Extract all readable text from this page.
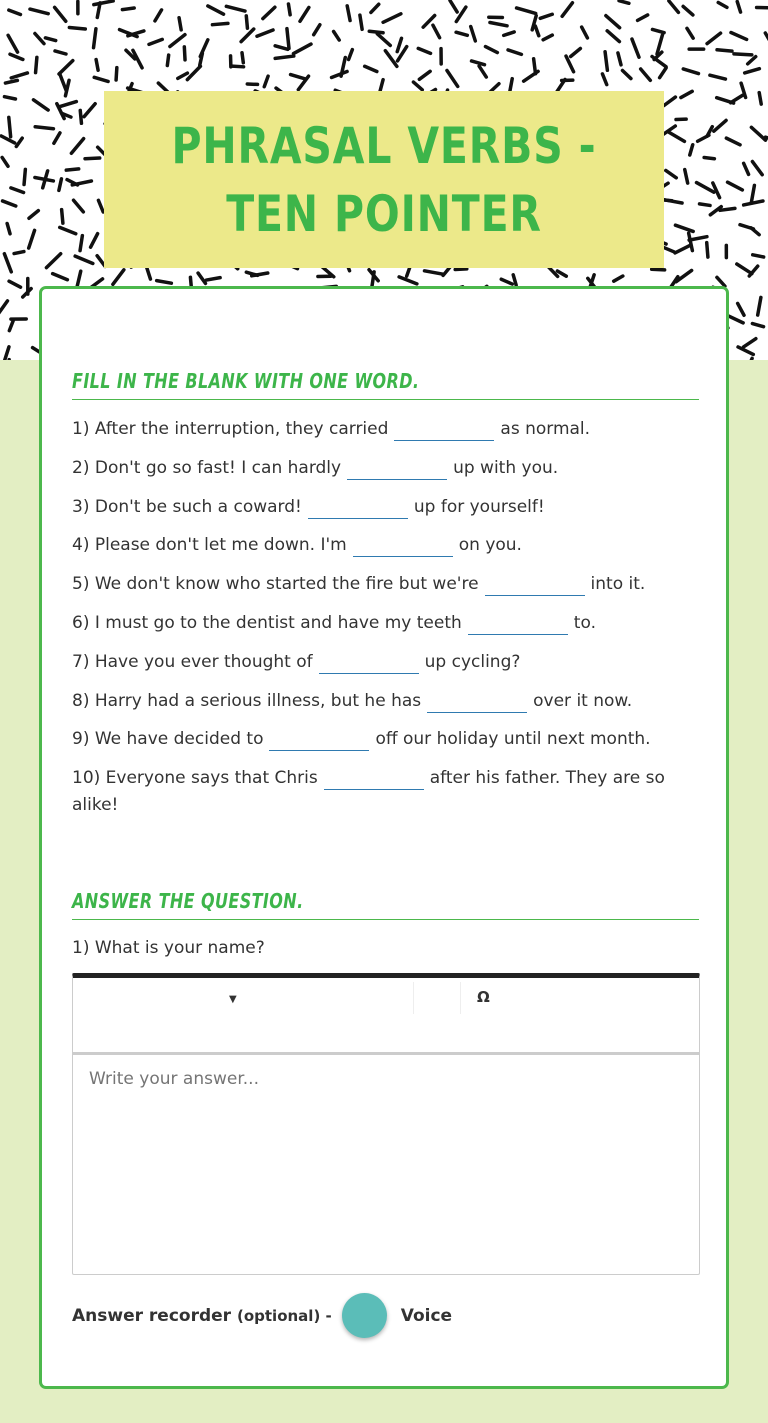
PHRASAL VERBS - TEN POINTER
FILL IN THE BLANK WITH ONE WORD.
1) After the interruption, they carried	as normal.
2) Don't go so fast! I can hardly	up with you.
3) Don't be such a coward!	up for yourself!
4) Please don't let me down. I'm	on you.
5) We don't know who started the fire but we're	into it.
6) I must go to the dentist and have my teeth	to.
7) Have you ever thought of	up cycling?
8) Harry had a serious illness, but he has	over it now.
9) We have decided to	off our holiday until next month.
10) Everyone says that Chris	after his father. They are so alike!
ANSWER THE QUESTION.
1) What is your name?
▼	Ω
Write your answer...
Answer recorder
(optional) -	Voice
